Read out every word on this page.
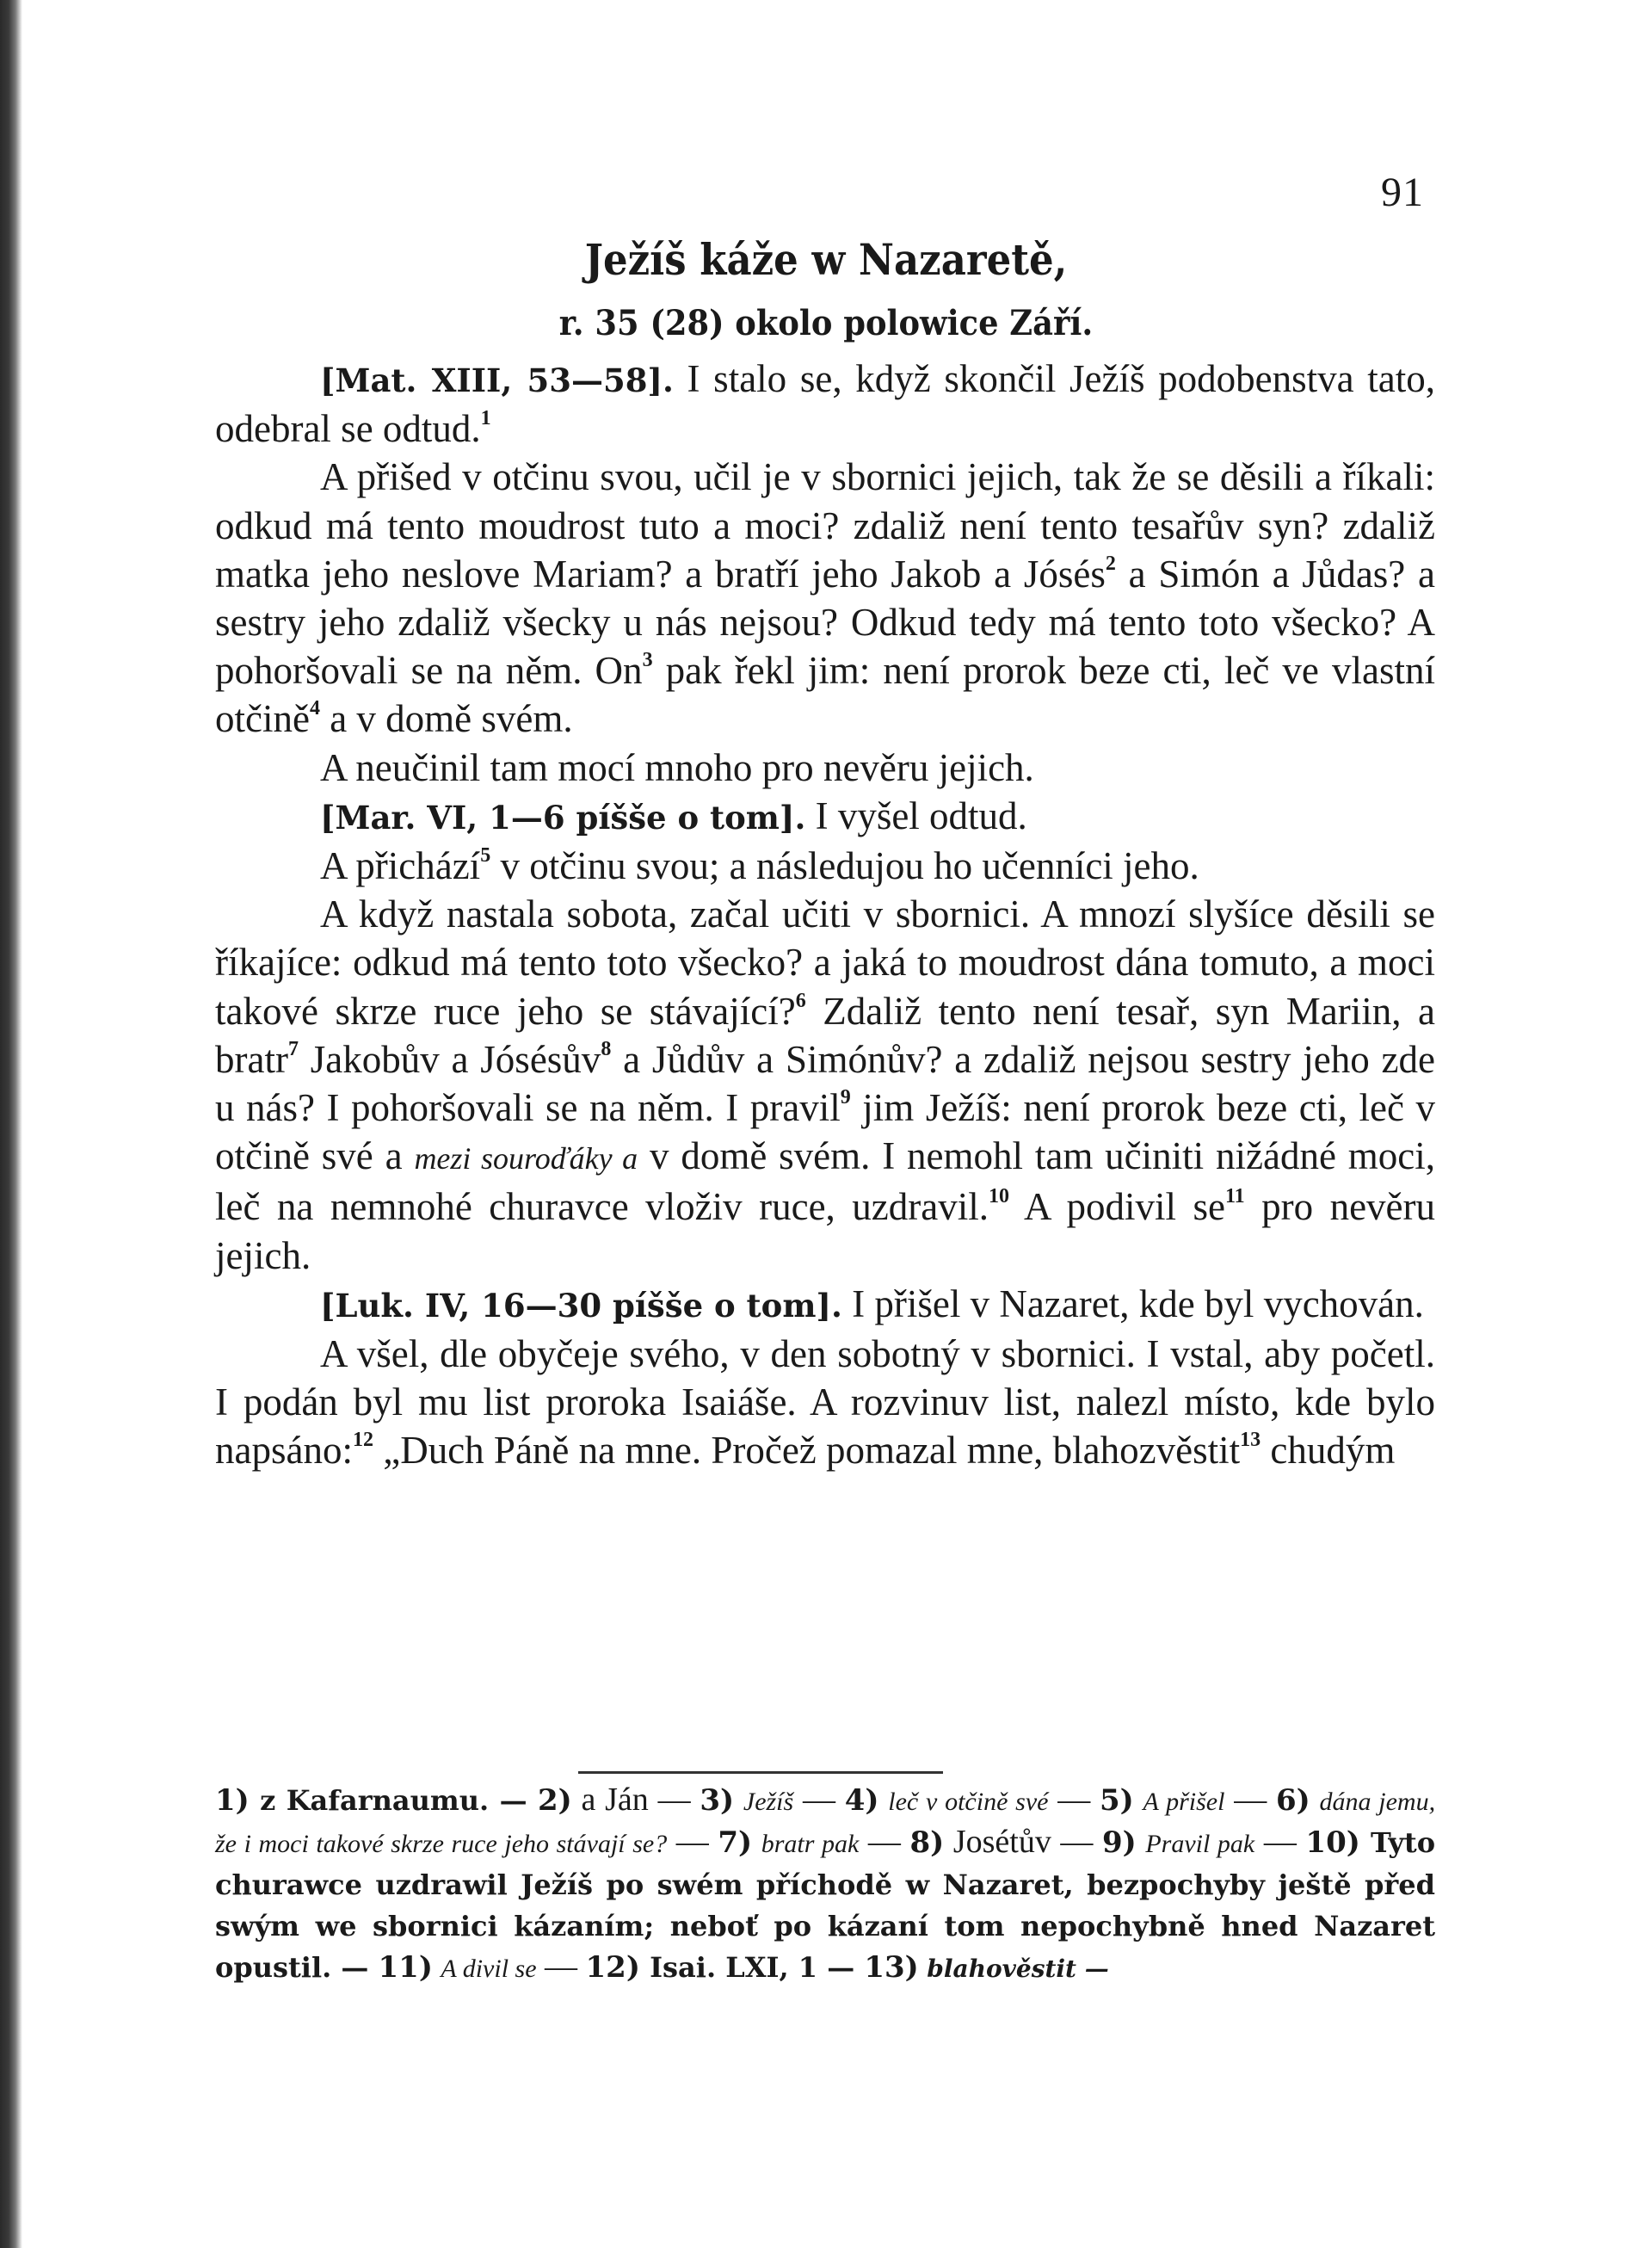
91
Ježíš káže w Nazaretě,
r. 35 (28) okolo polowice Září.

[Mat. XIII, 53—58]. I stalo se, když skončil Ježíš podobenstva tato, odebral se odtud.$^1$

A přišed v otčinu svou, učil je v sbornici jejich, tak že se děsili a říkali: odkud má tento moudrost tuto a moci? zdaliž není tento tesařův syn? zdaliž matka jeho neslove Mariam? a bratří jeho Jakob a Jósés$^2$ a Simón a Jůdas? a sestry jeho zdaliž všecky u nás nejsou? Odkud tedy má tento toto všecko? A pohoršovali se na něm. On$^3$ pak řekl jim: není prorok beze cti, leč ve vlastní otčině$^4$ a v domě svém.

A neučinil tam mocí mnoho pro nevěru jejich.

[Mar. VI, 1—6 píšše o tom]. I vyšel odtud.

A přichází$^5$ v otčinu svou; a následujou ho učenníci jeho.

A když nastala sobota, začal učiti v sbornici. A mnozí slyšíce děsili se říkajíce: odkud má tento toto všecko? a jaká to moudrost dána tomuto, a moci takové skrze ruce jeho se stávající?$^6$ Zdaliž tento není tesař, syn Mariin, a bratr$^7$ Jakobův a Jósésův$^8$ a Jůdův a Simónův? a zdaliž nejsou sestry jeho zde u nás? I pohoršovali se na něm. I pravil$^9$ jim Ježíš: není prorok beze cti, leč v otčině své a mezi souroďáky a v domě svém. I nemohl tam učiniti nižádné moci, leč na nemnohé churavce vloživ ruce, uzdravil.$^{10}$ A podivil $se^{11}$ pro nevěru jejich.

[Luk. IV, 16—30 píšše o tom]. I přišel v Nazaret, kde byl vychován.

A všel, dle obyčeje svého, v den sobotný v sbornici. I vstal, aby početl. I podán byl mu list proroka Isaiáše. A rozvinuv list, nalezl místo, kde bylo napsáno:$^{12}$ „Duch Páně na mne. Pročež pomazal mne, blahozvěstit$^{13}$ chudým

1) z Kafarnaumu. — 2) a Ján — 3) Ježíš — 4) leč v otčině své — 5) A přišel — 6) dána jemu, že i moci takové skrze ruce jeho stávají se? — 7) bratr pak — 8) Josétův — 9) Pravil pak — 10) Tyto churawce uzdrawil Ježíš po swém příchodě w Nazaret, bezpochyby ještě před swým we sbornici kázaním; neboť po kázaní tom nepochybně hned Nazaret opustil. — 11) A divil se — 12) Isai. LXI, 1 — 13) blahověstit —
